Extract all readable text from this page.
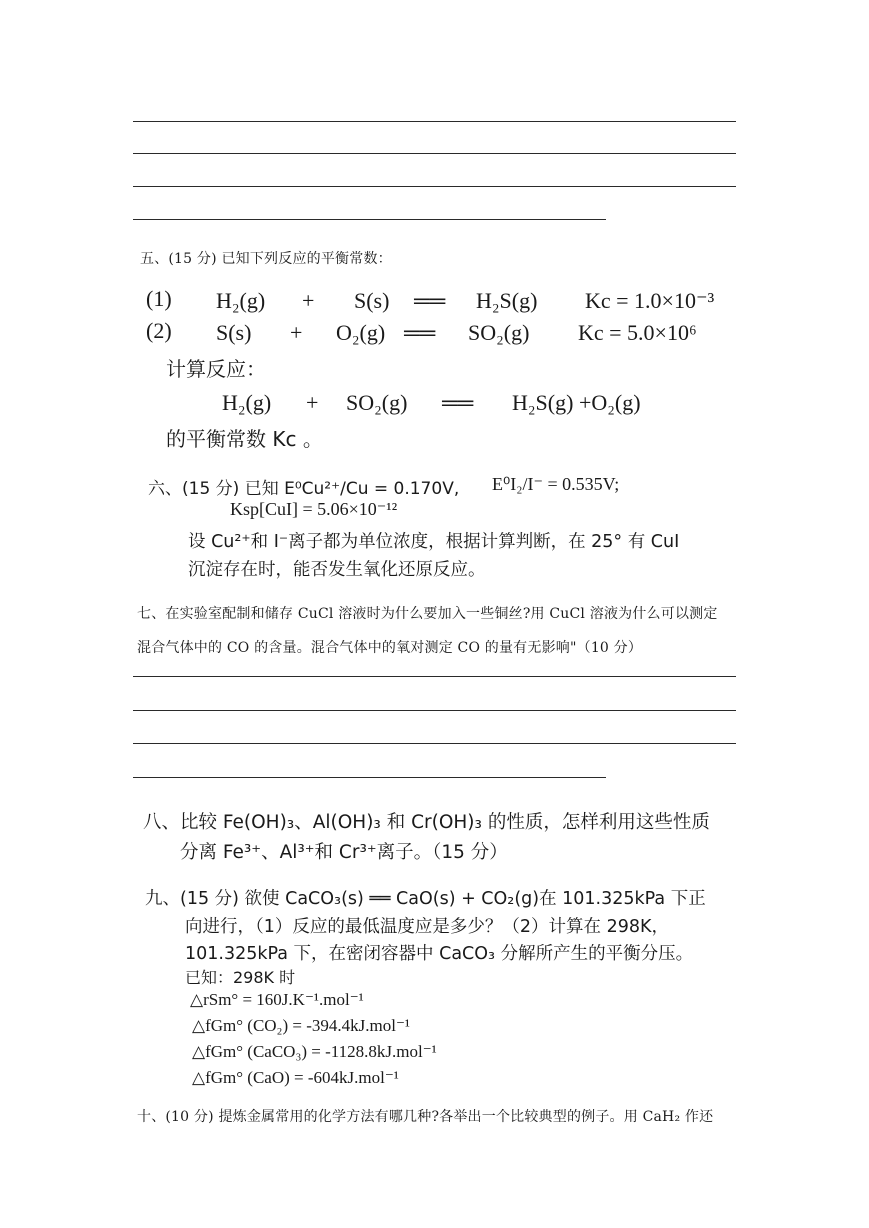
五、(15 分) 已知下列反应的平衡常数：
(1) H₂(g) + S(s) ══ H₂S(g) Kc = 1.0×10⁻³
(2) S(s) + O₂(g) ══ SO₂(g) Kc = 5.0×10⁶
计算反应：
H₂(g) + SO₂(g) ══ H₂S(g) +O₂(g)
的平衡常数 Kc 。
六、(15 分) 已知 E⁰Cu²⁺/Cu = 0.170V, E⁰I₂/I⁻ = 0.535V;
Ksp[CuI] = 5.06×10⁻¹²
设 Cu²⁺和 I⁻离子都为单位浓度，根据计算判断，在 25° 有 CuI
沉淀存在时，能否发生氧化还原反应。
七、在实验室配制和储存 CuCl 溶液时为什么要加入一些铜丝?用 CuCl 溶液为什么可以测定
混合气体中的 CO 的含量。混合气体中的氧对测定 CO 的量有无影响"（10 分）
八、比较 Fe(OH)₃、Al(OH)₃ 和 Cr(OH)₃ 的性质，怎样利用这些性质
分离 Fe³⁺、Al³⁺和 Cr³⁺离子。（15 分）
九、(15 分) 欲使 CaCO₃(s) ══ CaO(s) + CO₂(g)在 101.325kPa 下正
向进行，（1）反应的最低温度应是多少？（2）计算在 298K，
101.325kPa 下，在密闭容器中 CaCO₃ 分解所产生的平衡分压。
已知：298K 时
△rSm° = 160J.K⁻¹.mol⁻¹
△fGm° (CO₂) = -394.4kJ.mol⁻¹
△fGm° (CaCO₃) = -1128.8kJ.mol⁻¹
△fGm° (CaO) = -604kJ.mol⁻¹
十、(10 分) 提炼金属常用的化学方法有哪几种?各举出一个比较典型的例子。用 CaH₂ 作还
